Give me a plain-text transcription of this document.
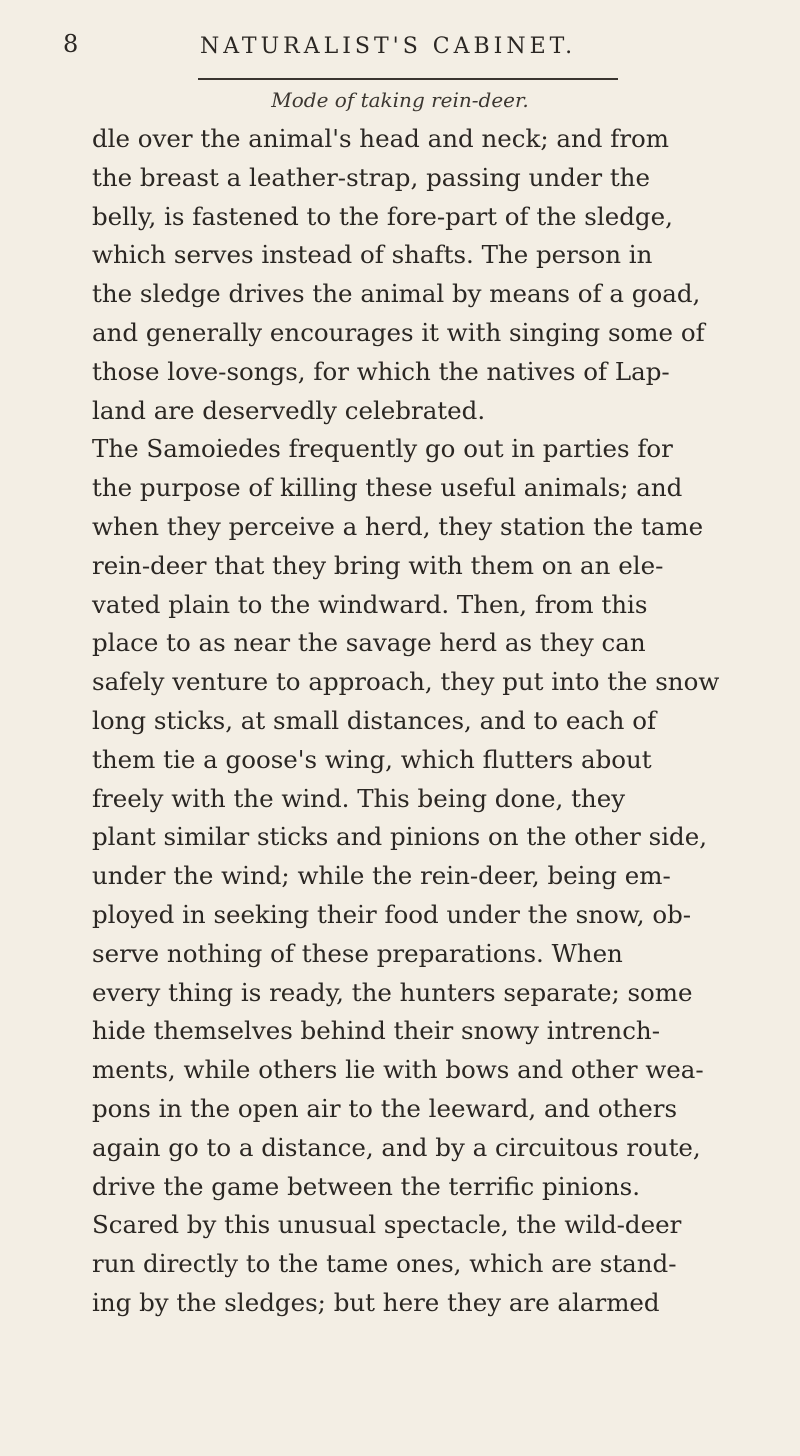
8	NATURALIST'S CABINET.
Mode of taking rein-deer.
dle over the animal's head and neck; and from
the breast a leather-strap, passing under the
belly, is fastened to the fore-part of the sledge,
which serves instead of shafts. The person in
the sledge drives the animal by means of a goad,
and generally encourages it with singing some of
those love-songs, for which the natives of Lap-
land are deservedly celebrated.
The Samoiedes frequently go out in parties for
the purpose of killing these useful animals; and
when they perceive a herd, they station the tame
rein-deer that they bring with them on an ele-
vated plain to the windward. Then, from this
place to as near the savage herd as they can
safely venture to approach, they put into the snow
long sticks, at small distances, and to each of
them tie a goose's wing, which flutters about
freely with the wind. This being done, they
plant similar sticks and pinions on the other side,
under the wind; while the rein-deer, being em-
ployed in seeking their food under the snow, ob-
serve nothing of these preparations. When
every thing is ready, the hunters separate; some
hide themselves behind their snowy intrench-
ments, while others lie with bows and other wea-
pons in the open air to the leeward, and others
again go to a distance, and by a circuitous route,
drive the game between the terrific pinions.
Scared by this unusual spectacle, the wild-deer
run directly to the tame ones, which are stand-
ing by the sledges; but here they are alarmed
